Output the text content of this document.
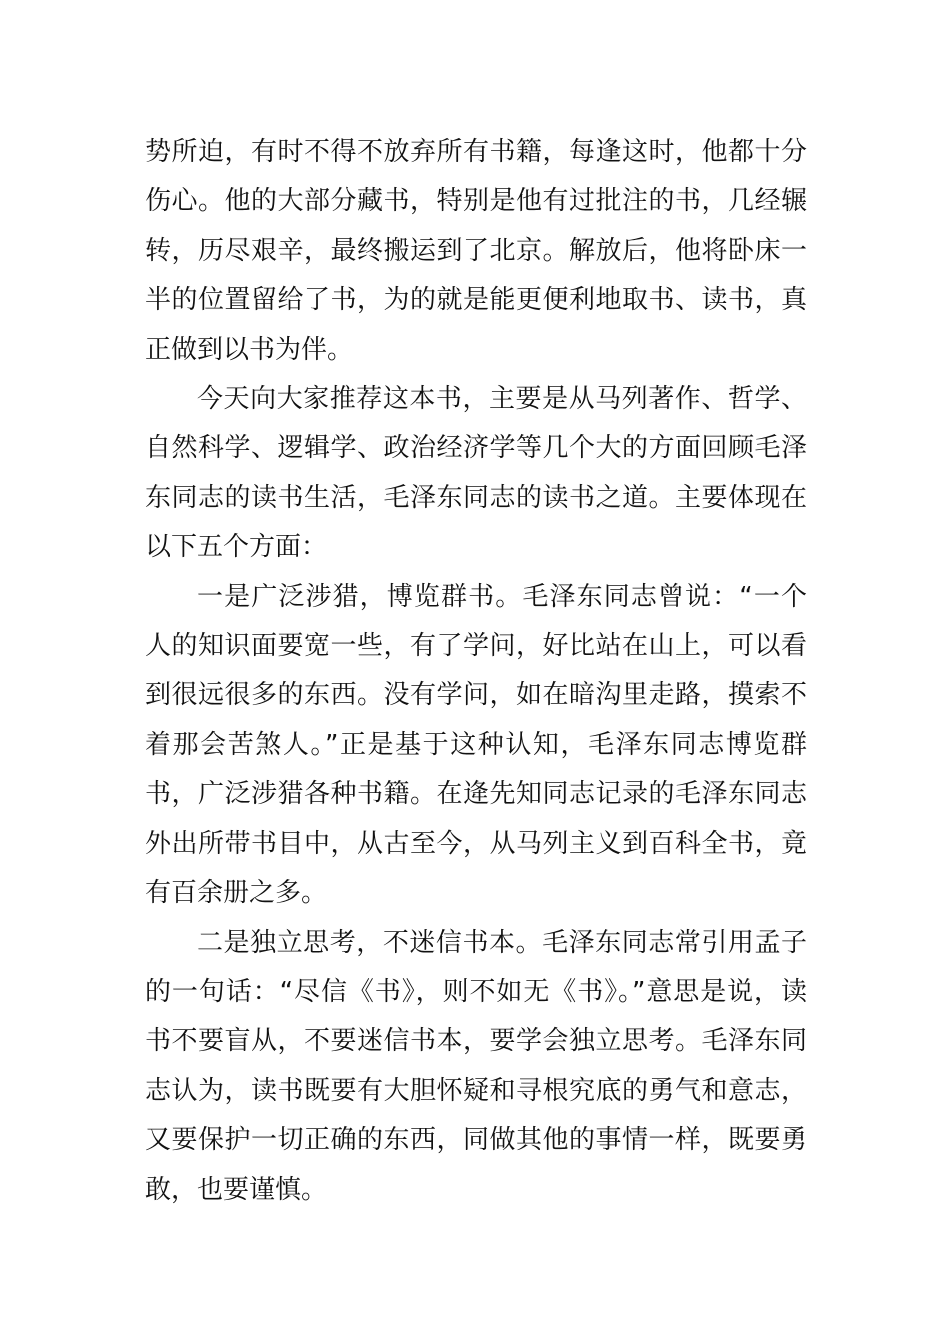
势所迫，有时不得不放弃所有书籍，每逢这时，他都十分伤心。他的大部分藏书，特别是他有过批注的书，几经辗转，历尽艰辛，最终搬运到了北京。解放后，他将卧床一半的位置留给了书，为的就是能更便利地取书、读书，真正做到以书为伴。

今天向大家推荐这本书，主要是从马列著作、哲学、自然科学、逻辑学、政治经济学等几个大的方面回顾毛泽东同志的读书生活，毛泽东同志的读书之道。主要体现在以下五个方面：

一是广泛涉猎，博览群书。毛泽东同志曾说：“一个人的知识面要宽一些，有了学问，好比站在山上，可以看到很远很多的东西。没有学问，如在暗沟里走路，摸索不着那会苦煞人。”正是基于这种认知，毛泽东同志博览群书，广泛涉猎各种书籍。在逄先知同志记录的毛泽东同志外出所带书目中，从古至今，从马列主义到百科全书，竟有百余册之多。

二是独立思考，不迷信书本。毛泽东同志常引用孟子的一句话：“尽信《书》，则不如无《书》。”意思是说，读书不要盲从，不要迷信书本，要学会独立思考。毛泽东同志认为，读书既要有大胆怀疑和寻根究底的勇气和意志，又要保护一切正确的东西，同做其他的事情一样，既要勇敢，也要谨慎。
